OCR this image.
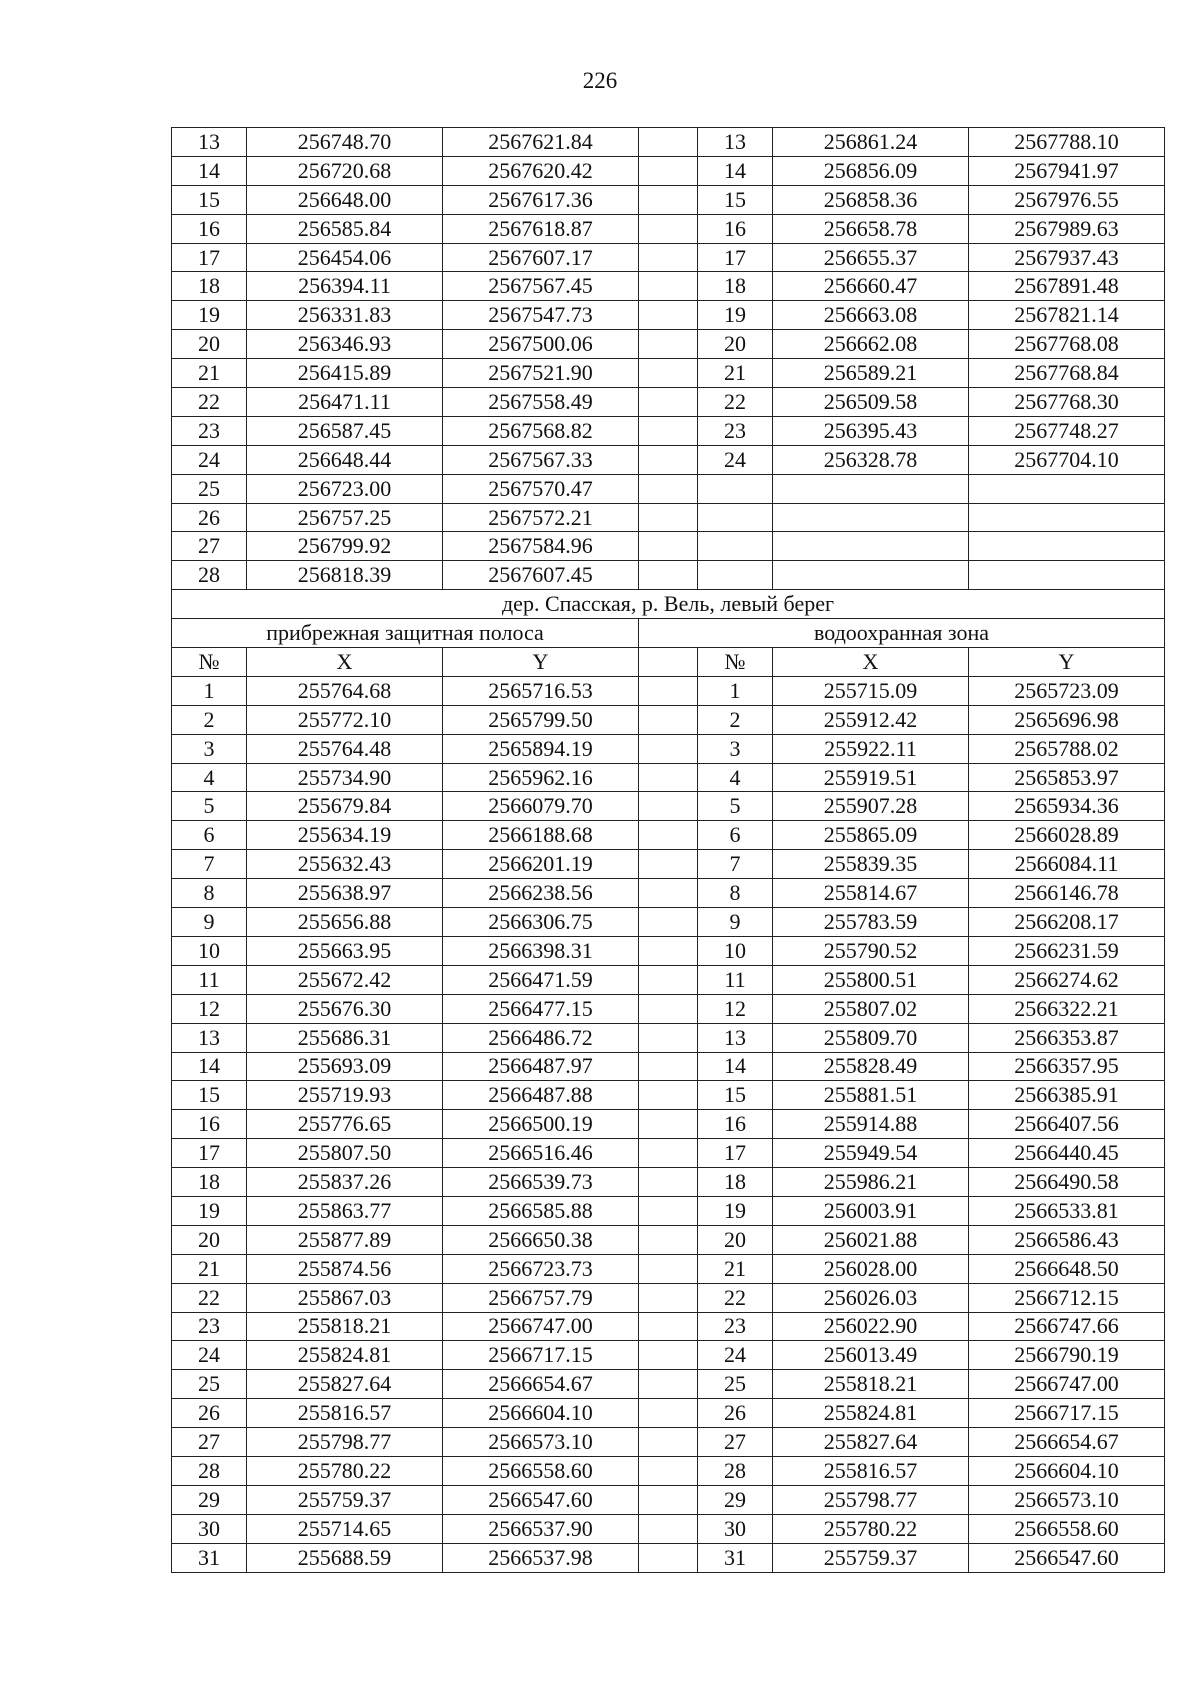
226
13	256748.70	2567621.84		13	256861.24	2567788.10
14	256720.68	2567620.42		14	256856.09	2567941.97
15	256648.00	2567617.36		15	256858.36	2567976.55
16	256585.84	2567618.87		16	256658.78	2567989.63
17	256454.06	2567607.17		17	256655.37	2567937.43
18	256394.11	2567567.45		18	256660.47	2567891.48
19	256331.83	2567547.73		19	256663.08	2567821.14
20	256346.93	2567500.06		20	256662.08	2567768.08
21	256415.89	2567521.90		21	256589.21	2567768.84
22	256471.11	2567558.49		22	256509.58	2567768.30
23	256587.45	2567568.82		23	256395.43	2567748.27
24	256648.44	2567567.33		24	256328.78	2567704.10
25	256723.00	2567570.47				
26	256757.25	2567572.21				
27	256799.92	2567584.96				
28	256818.39	2567607.45				
дер. Спасская, р. Вель, левый берег						
прибрежная защитная полоса			водоохранная зона			
№	X	Y		№	X	Y
1	255764.68	2565716.53		1	255715.09	2565723.09
2	255772.10	2565799.50		2	255912.42	2565696.98
3	255764.48	2565894.19		3	255922.11	2565788.02
4	255734.90	2565962.16		4	255919.51	2565853.97
5	255679.84	2566079.70		5	255907.28	2565934.36
6	255634.19	2566188.68		6	255865.09	2566028.89
7	255632.43	2566201.19		7	255839.35	2566084.11
8	255638.97	2566238.56		8	255814.67	2566146.78
9	255656.88	2566306.75		9	255783.59	2566208.17
10	255663.95	2566398.31		10	255790.52	2566231.59
11	255672.42	2566471.59		11	255800.51	2566274.62
12	255676.30	2566477.15		12	255807.02	2566322.21
13	255686.31	2566486.72		13	255809.70	2566353.87
14	255693.09	2566487.97		14	255828.49	2566357.95
15	255719.93	2566487.88		15	255881.51	2566385.91
16	255776.65	2566500.19		16	255914.88	2566407.56
17	255807.50	2566516.46		17	255949.54	2566440.45
18	255837.26	2566539.73		18	255986.21	2566490.58
19	255863.77	2566585.88		19	256003.91	2566533.81
20	255877.89	2566650.38		20	256021.88	2566586.43
21	255874.56	2566723.73		21	256028.00	2566648.50
22	255867.03	2566757.79		22	256026.03	2566712.15
23	255818.21	2566747.00		23	256022.90	2566747.66
24	255824.81	2566717.15		24	256013.49	2566790.19
25	255827.64	2566654.67		25	255818.21	2566747.00
26	255816.57	2566604.10		26	255824.81	2566717.15
27	255798.77	2566573.10		27	255827.64	2566654.67
28	255780.22	2566558.60		28	255816.57	2566604.10
29	255759.37	2566547.60		29	255798.77	2566573.10
30	255714.65	2566537.90		30	255780.22	2566558.60
31	255688.59	2566537.98		31	255759.37	2566547.60
